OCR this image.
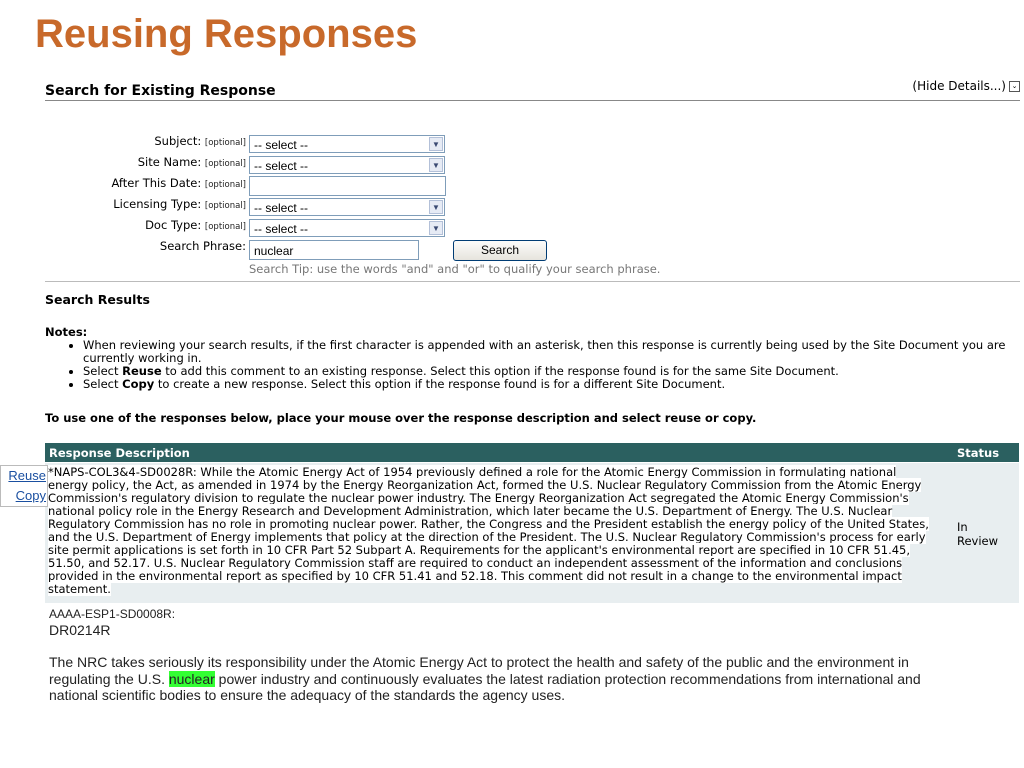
Reusing Responses
Search for Existing Response	(Hide Details...) ⌄
Subject: [optional] -- select --	▼
Site Name: [optional] -- select --	▼
After This Date: [optional]
Licensing Type: [optional] -- select --	▼
Doc Type: [optional] -- select --	▼
Search Phrase: nuclear	Search
Search Tip: use the words "and" and "or" to qualify your search phrase.
Search Results
Notes:
• When reviewing your search results, if the first character is appended with an asterisk, then this response is currently being used by the Site Document you are currently working in.
• Select Reuse to add this comment to an existing response. Select this option if the response found is for the same Site Document.
• Select Copy to create a new response. Select this option if the response found is for a different Site Document.
To use one of the responses below, place your mouse over the response description and select reuse or copy.
Response Description	Status
*NAPS-COL3&4-SD0028R: While the Atomic Energy Act of 1954 previously defined a role for the Atomic Energy Commission in formulating national energy policy, the Act, as amended in 1974 by the Energy Reorganization Act, formed the U.S. Nuclear Regulatory Commission from the Atomic Energy Commission's regulatory division to regulate the nuclear power industry. The Energy Reorganization Act segregated the Atomic Energy Commission's national policy role in the Energy Research and Development Administration, which later became the U.S. Department of Energy. The U.S. Nuclear Regulatory Commission has no role in promoting nuclear power. Rather, the Congress and the President establish the energy policy of the United States, and the U.S. Department of Energy implements that policy at the direction of the President. The U.S. Nuclear Regulatory Commission's process for early site permit applications is set forth in 10 CFR Part 52 Subpart A. Requirements for the applicant's environmental report are specified in 10 CFR 51.45, 51.50, and 52.17. U.S. Nuclear Regulatory Commission staff are required to conduct an independent assessment of the information and conclusions provided in the environmental report as specified by 10 CFR 51.41 and 52.18. This comment did not result in a change to the environmental impact statement.
In Review
Reuse
Copy
AAAA-ESP1-SD0008R:
DR0214R
The NRC takes seriously its responsibility under the Atomic Energy Act to protect the health and safety of the public and the environment in regulating the U.S. nuclear power industry and continuously evaluates the latest radiation protection recommendations from international and national scientific bodies to ensure the adequacy of the standards the agency uses.
